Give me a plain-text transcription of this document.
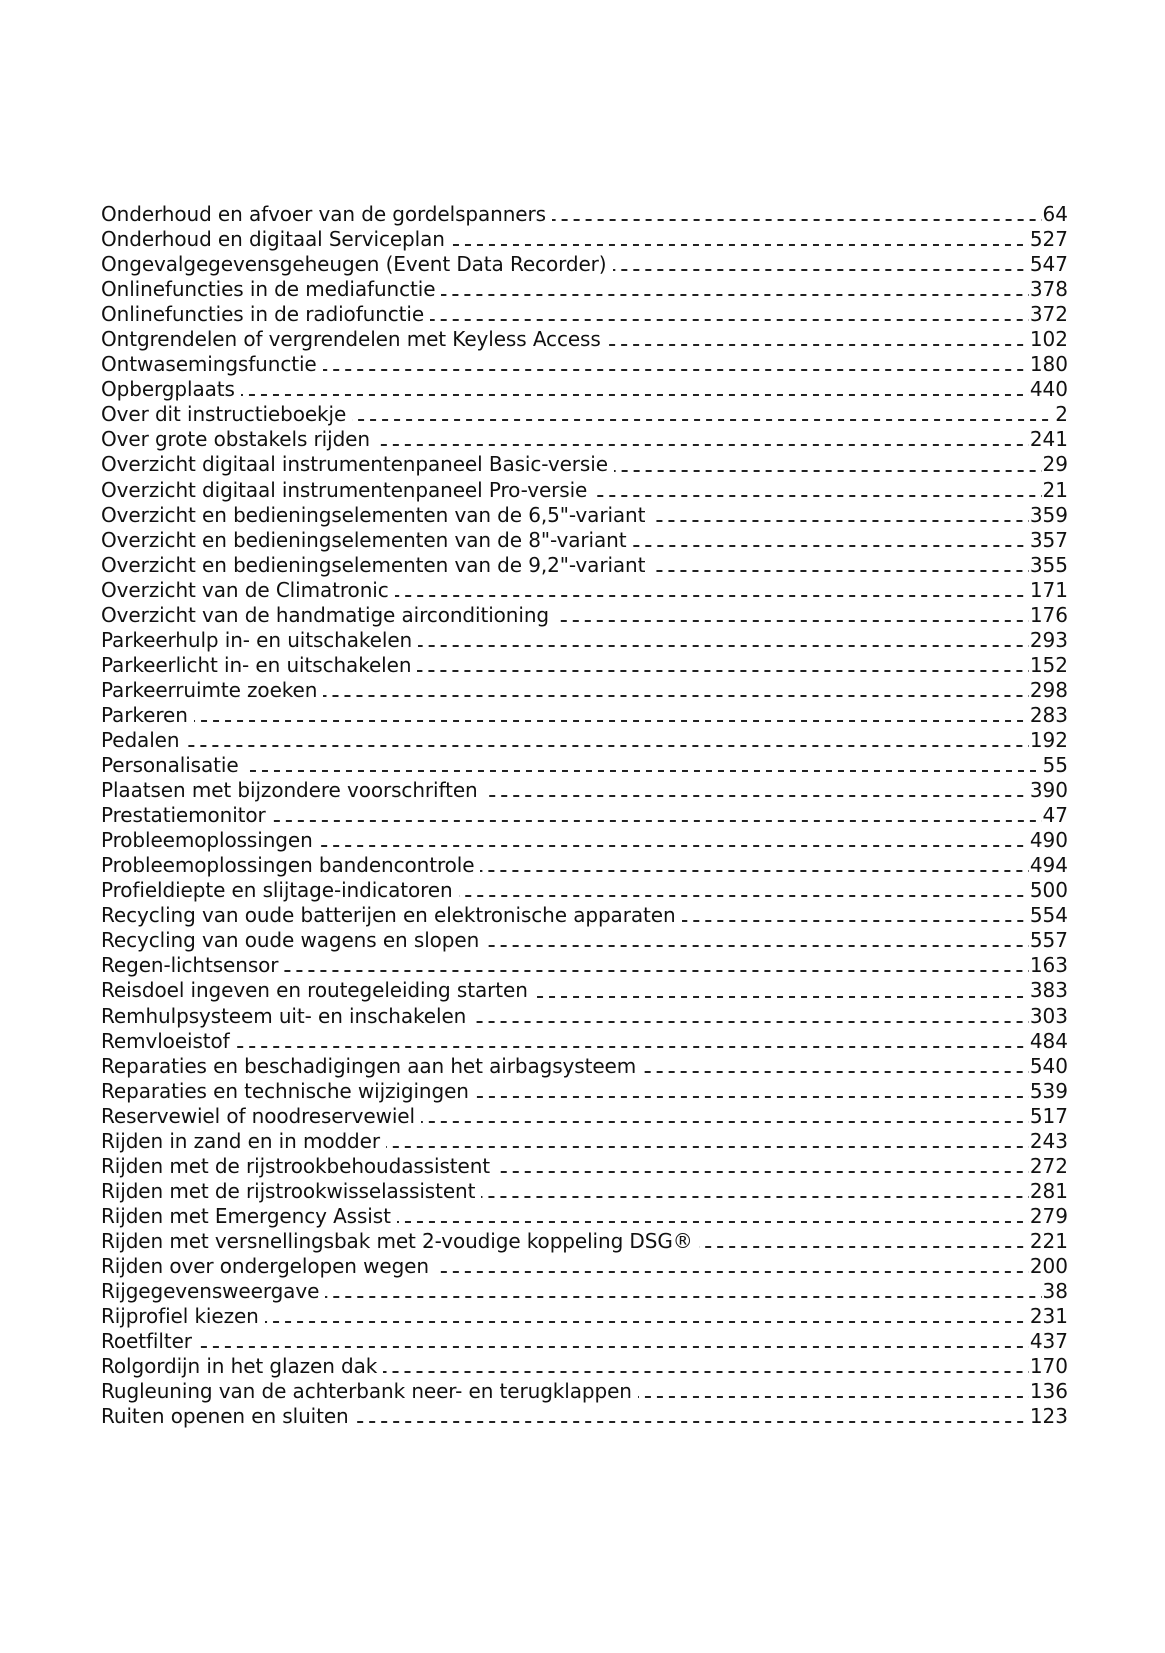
Onderhoud en afvoer van de gordelspanners	64
Onderhoud en digitaal Serviceplan	527
Ongevalgegevensgeheugen (Event Data Recorder)	547
Onlinefuncties in de mediafunctie	378
Onlinefuncties in de radiofunctie	372
Ontgrendelen of vergrendelen met Keyless Access	102
Ontwasemingsfunctie	180
Opbergplaats	440
Over dit instructieboekje	2
Over grote obstakels rijden	241
Overzicht digitaal instrumentenpaneel Basic-versie	29
Overzicht digitaal instrumentenpaneel Pro-versie	21
Overzicht en bedieningselementen van de 6,5"-variant	359
Overzicht en bedieningselementen van de 8"-variant	357
Overzicht en bedieningselementen van de 9,2"-variant	355
Overzicht van de Climatronic	171
Overzicht van de handmatige airconditioning	176
Parkeerhulp in- en uitschakelen	293
Parkeerlicht in- en uitschakelen	152
Parkeerruimte zoeken	298
Parkeren	283
Pedalen	192
Personalisatie	55
Plaatsen met bijzondere voorschriften	390
Prestatiemonitor	47
Probleemoplossingen	490
Probleemoplossingen bandencontrole	494
Profieldiepte en slijtage-indicatoren	500
Recycling van oude batterijen en elektronische apparaten	554
Recycling van oude wagens en slopen	557
Regen-lichtsensor	163
Reisdoel ingeven en routegeleiding starten	383
Remhulpsysteem uit- en inschakelen	303
Remvloeistof	484
Reparaties en beschadigingen aan het airbagsysteem	540
Reparaties en technische wijzigingen	539
Reservewiel of noodreservewiel	517
Rijden in zand en in modder	243
Rijden met de rijstrookbehoudassistent	272
Rijden met de rijstrookwisselassistent	281
Rijden met Emergency Assist	279
Rijden met versnellingsbak met 2-voudige koppeling DSG®	221
Rijden over ondergelopen wegen	200
Rijgegevensweergave	38
Rijprofiel kiezen	231
Roetfilter	437
Rolgordijn in het glazen dak	170
Rugleuning van de achterbank neer- en terugklappen	136
Ruiten openen en sluiten	123
